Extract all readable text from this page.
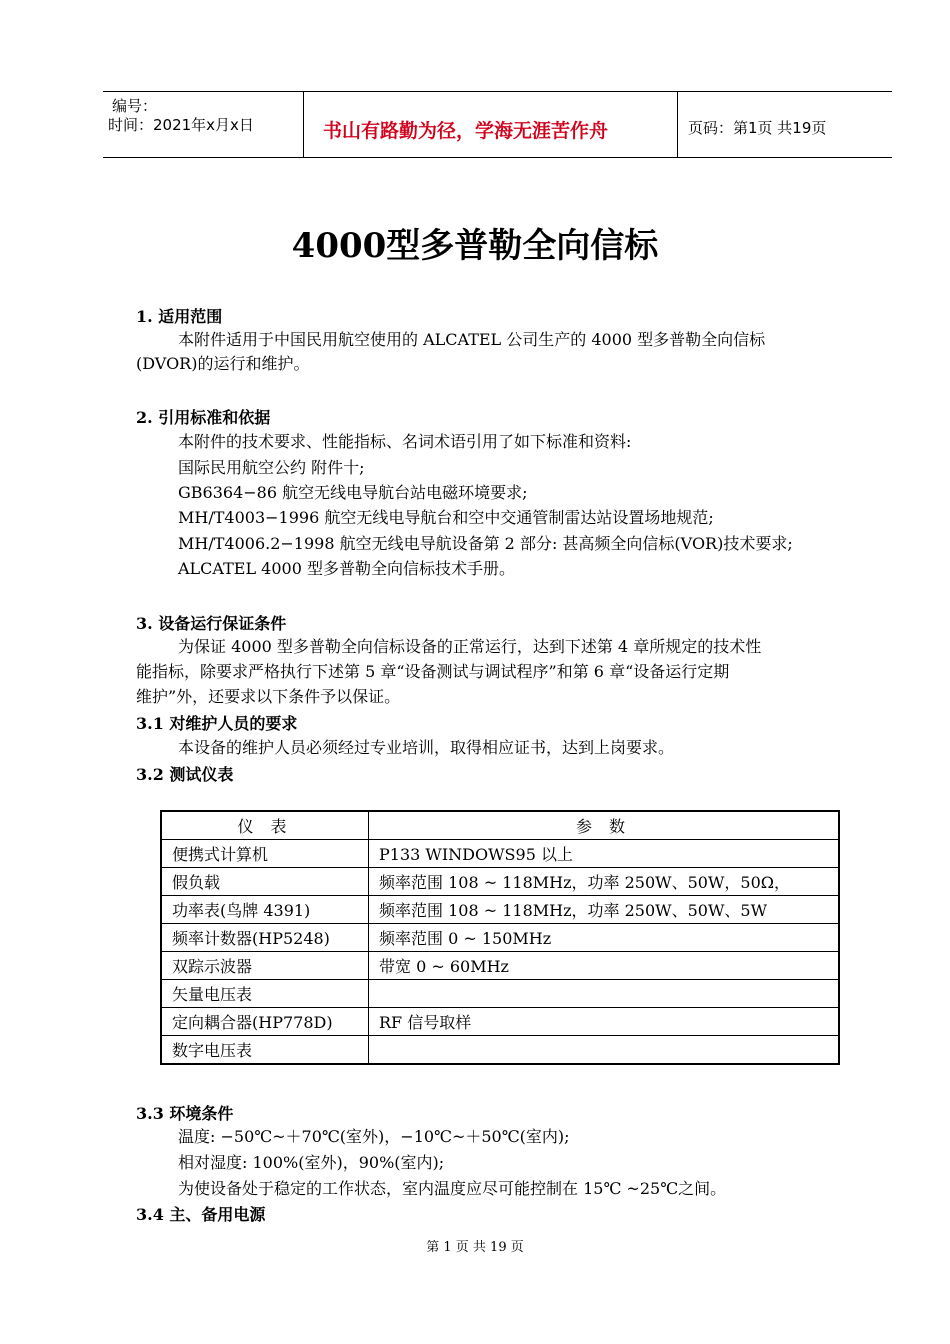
编号：
时间：2021年x月x日	书山有路勤为径，学海无涯苦作舟	页码：第1页 共19页
4000型多普勒全向信标
1. 适用范围
本附件适用于中国民用航空使用的 ALCATEL 公司生产的 4000 型多普勒全向信标
(DVOR)的运行和维护。
2. 引用标准和依据
本附件的技术要求、性能指标、名词术语引用了如下标准和资料:
国际民用航空公约 附件十;
GB6364−86 航空无线电导航台站电磁环境要求;
MH/T4003−1996 航空无线电导航台和空中交通管制雷达站设置场地规范;
MH/T4006.2−1998 航空无线电导航设备第 2 部分: 甚高频全向信标(VOR)技术要求;
ALCATEL 4000 型多普勒全向信标技术手册。
3. 设备运行保证条件
为保证 4000 型多普勒全向信标设备的正常运行，达到下述第 4 章所规定的技术性
能指标，除要求严格执行下述第 5 章“设备测试与调试程序”和第 6 章“设备运行定期
维护”外，还要求以下条件予以保证。
3.1 对维护人员的要求
本设备的维护人员必须经过专业培训，取得相应证书，达到上岗要求。
3.2 测试仪表
仪 表	参 数
便携式计算机	P133 WINDOWS95 以上
假负载	频率范围 108 ~ 118MHz，功率 250W、50W，50Ω，
功率表(鸟牌 4391)	频率范围 108 ~ 118MHz，功率 250W、50W、5W
频率计数器(HP5248)	频率范围 0 ~ 150MHz
双踪示波器	带宽 0 ~ 60MHz
矢量电压表	
定向耦合器(HP778D)	RF 信号取样
数字电压表	
3.3 环境条件
温度: −50℃~＋70℃(室外)，−10℃~＋50℃(室内);
相对湿度: 100%(室外)，90%(室内);
为使设备处于稳定的工作状态，室内温度应尽可能控制在 15℃ ~25℃之间。
3.4 主、备用电源
第 1 页 共 19 页
